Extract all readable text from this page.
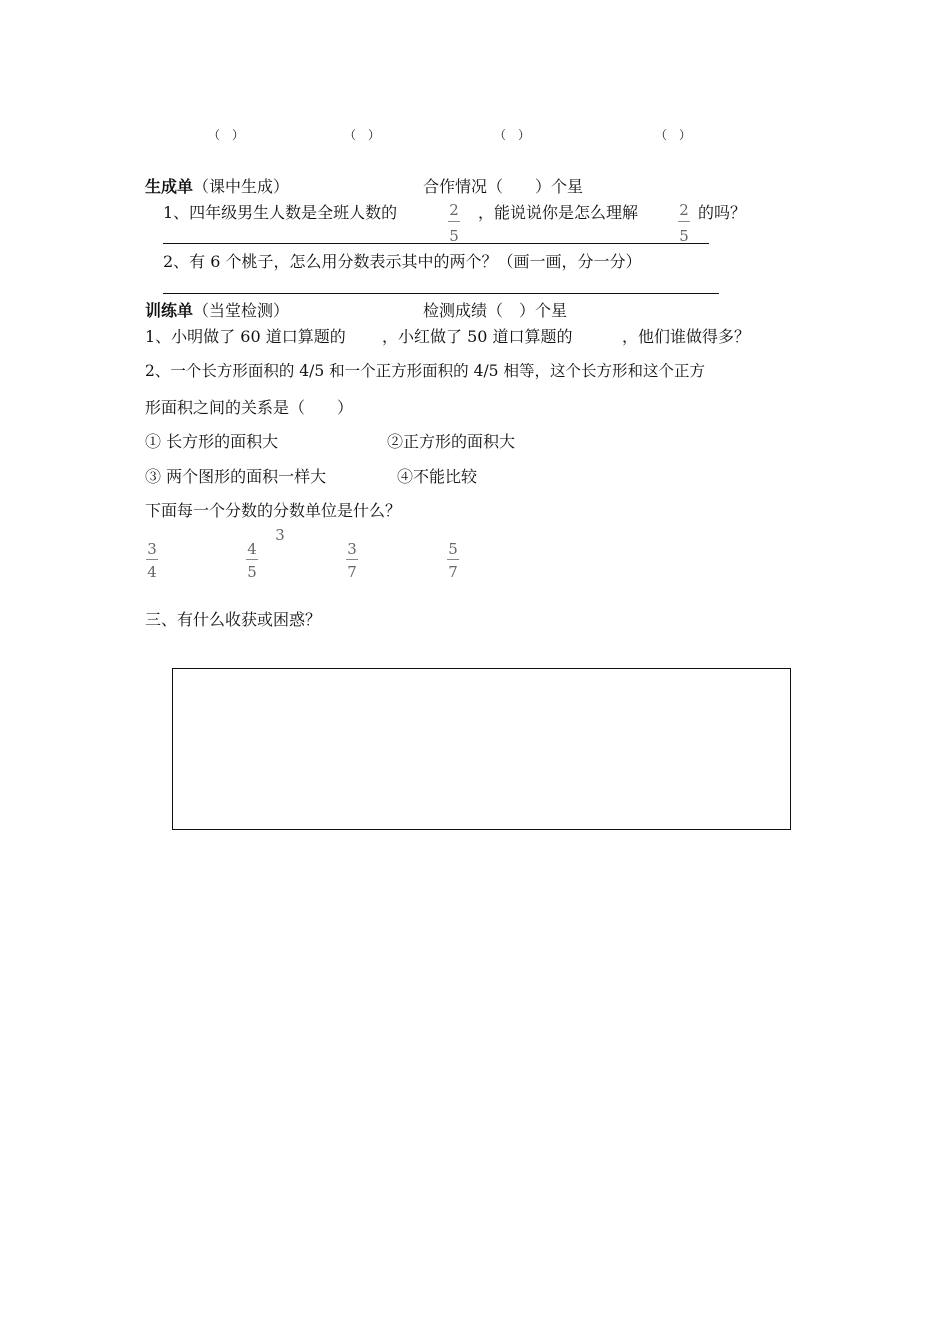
（　）	（　）	（　）	（　）
生成单（课中生成）	合作情况（　　）个星
1、四年级男生人数是全班人数的	2
5
，能说说你是怎么理解	2
5
的吗？
2、有 6 个桃子，怎么用分数表示其中的两个？（画一画，分一分）
训练单（当堂检测）	检测成绩（　）个星
1、小明做了 60 道口算题的 ，小红做了 50 道口算题的	，他们谁做得多？
2、一个长方形面积的 4/5 和一个正方形面积的 4/5 相等，这个长方形和这个正方
形面积之间的关系是（　　）
① 长方形的面积大	②正方形的面积大
③ 两个图形的面积一样大	④不能比较
下面每一个分数的分数单位是什么？
3
3
4
4
5
3
7
5
7
三、有什么收获或困惑？
